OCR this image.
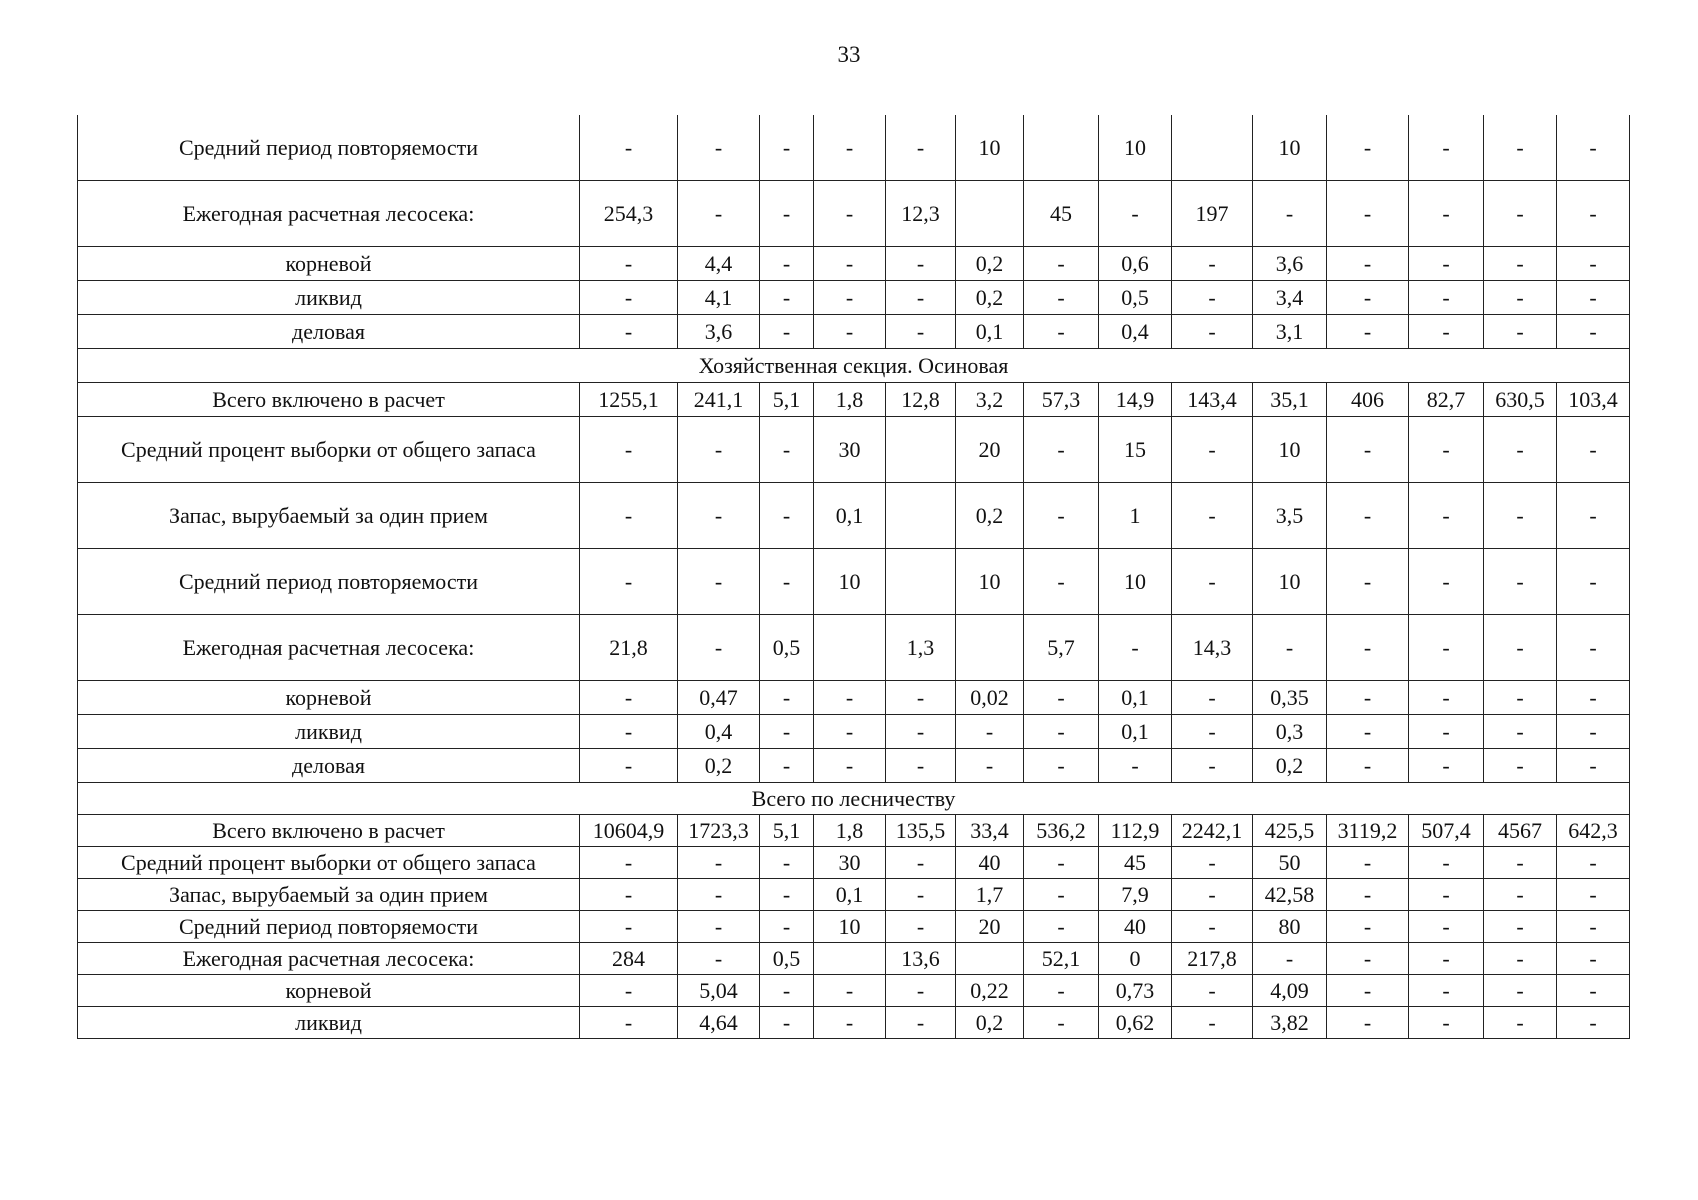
33
Средний период повторяемости	-	-	-	-	-	10		10		10	-	-	-	-
Ежегодная расчетная лесосека:	254,3	-	-	-	12,3		45	-	197	-	-	-	-	-
корневой	-	4,4	-	-	-	0,2	-	0,6	-	3,6	-	-	-	-
ликвид	-	4,1	-	-	-	0,2	-	0,5	-	3,4	-	-	-	-
деловая	-	3,6	-	-	-	0,1	-	0,4	-	3,1	-	-	-	-
Хозяйственная секция. Осиновая														
Всего включено в расчет	1255,1	241,1	5,1	1,8	12,8	3,2	57,3	14,9	143,4	35,1	406	82,7	630,5	103,4
Средний процент выборки от общего запаса	-	-	-	30		20	-	15	-	10	-	-	-	-
Запас, вырубаемый за один прием	-	-	-	0,1		0,2	-	1	-	3,5	-	-	-	-
Средний период повторяемости	-	-	-	10		10	-	10	-	10	-	-	-	-
Ежегодная расчетная лесосека:	21,8	-	0,5		1,3		5,7	-	14,3	-	-	-	-	-
корневой	-	0,47	-	-	-	0,02	-	0,1	-	0,35	-	-	-	-
ликвид	-	0,4	-	-	-	-	-	0,1	-	0,3	-	-	-	-
деловая	-	0,2	-	-	-	-	-	-	-	0,2	-	-	-	-
Всего по лесничеству														
Всего включено в расчет	10604,9	1723,3	5,1	1,8	135,5	33,4	536,2	112,9	2242,1	425,5	3119,2	507,4	4567	642,3
Средний процент выборки от общего запаса	-	-	-	30	-	40	-	45	-	50	-	-	-	-
Запас, вырубаемый за один прием	-	-	-	0,1	-	1,7	-	7,9	-	42,58	-	-	-	-
Средний период повторяемости	-	-	-	10	-	20	-	40	-	80	-	-	-	-
Ежегодная расчетная лесосека:	284	-	0,5		13,6		52,1	0	217,8	-	-	-	-	-
корневой	-	5,04	-	-	-	0,22	-	0,73	-	4,09	-	-	-	-
ликвид	-	4,64	-	-	-	0,2	-	0,62	-	3,82	-	-	-	-
